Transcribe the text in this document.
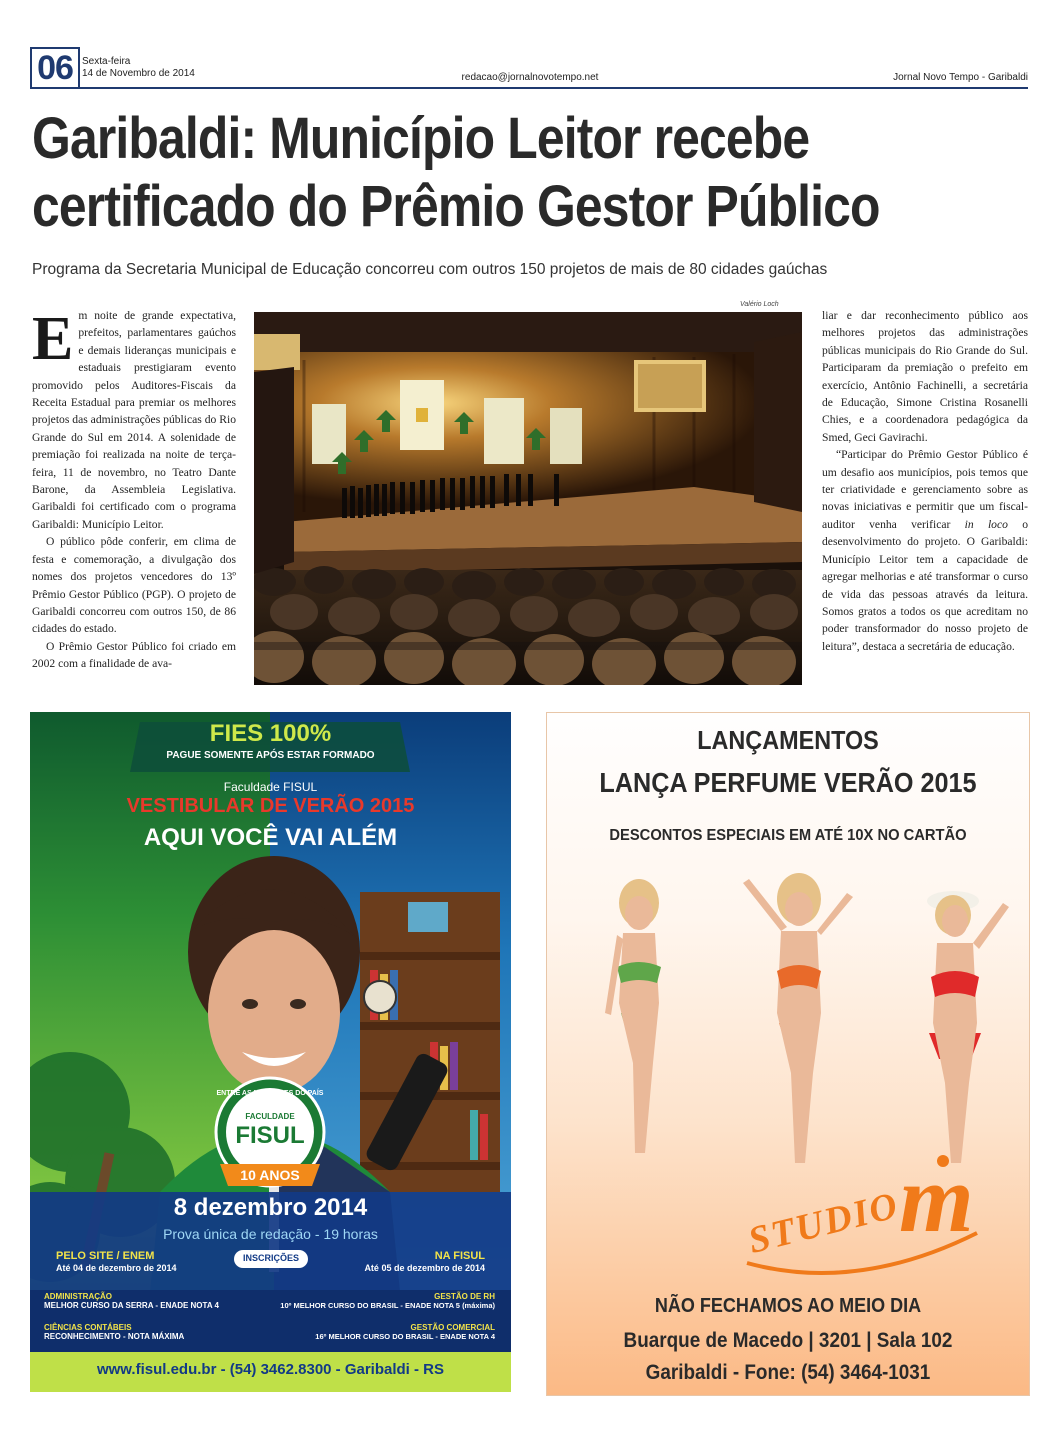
06 Sexta-feira
14 de Novembro de 2014	redacao@jornalnovotempo.net	Jornal Novo Tempo - Garibaldi
Garibaldi: Município Leitor recebe
certificado do Prêmio Gestor Público
Programa da Secretaria Municipal de Educação concorreu com outros 150 projetos de mais de 80 cidades gaúchas

Em noite de grande expectativa, prefeitos, parlamentares gaúchos e demais lideranças municipais e estaduais prestigiaram evento promovido pelos Auditores-Fiscais da Receita Estadual para premiar os melhores projetos das administrações públicas do Rio Grande do Sul em 2014. A solenidade de premiação foi realizada na noite de terça-feira, 11 de novembro, no Teatro Dante Barone, da Assembleia Legislativa. Garibaldi foi certificado com o programa Garibaldi: Município Leitor.

O público pôde conferir, em clima de festa e comemoração, a divulgação dos nomes dos projetos vencedores do 13º Prêmio Gestor Público (PGP). O projeto de Garibaldi concorreu com outros 150, de 86 cidades do estado.

O Prêmio Gestor Público foi criado em 2002 com a finalidade de ava-

Valério Loch

liar e dar reconhecimento público aos melhores projetos das administrações públicas municipais do Rio Grande do Sul. Participaram da premiação o prefeito em exercício, Antônio Fachinelli, a secretária de Educação, Simone Cristina Rosanelli Chies, e a coordenadora pedagógica da Smed, Geci Gavirachi.

“Participar do Prêmio Gestor Público é um desafio aos municípios, pois temos que ter criatividade e gerenciamento sobre as novas iniciativas e permitir que um fiscal-auditor venha verificar in loco o desenvolvimento do projeto. O Garibaldi: Município Leitor tem a capacidade de agregar melhorias e até transformar o curso de vida das pessoas através da leitura. Somos gratos a todos os que acreditam no poder transformador do nosso projeto de leitura”, destaca a secretária de educação.

FIES 100%
PAGUE SOMENTE APÓS ESTAR FORMADO
Faculdade FISUL
VESTIBULAR DE VERÃO 2015
AQUI VOCÊ VAI ALÉM
ENTRE AS MELHORES DO PAÍS
FACULDADE
FISUL
10 ANOS
8 dezembro 2014
Prova única de redação - 19 horas
PELO SITE / ENEM
Até 04 de dezembro de 2014
INSCRIÇÕES	NA FISUL
Até 05 de dezembro de 2014
ADMINISTRAÇÃO
MELHOR CURSO DA SERRA - ENADE NOTA 4
GESTÃO DE RH
10º MELHOR CURSO DO BRASIL - ENADE NOTA 5 (máxima)
CIÊNCIAS CONTÁBEIS
RECONHECIMENTO - NOTA MÁXIMA
GESTÃO COMERCIAL
16º MELHOR CURSO DO BRASIL - ENADE NOTA 4
www.fisul.edu.br - (54) 3462.8300 - Garibaldi - RS
LANÇAMENTOS
LANÇA PERFUME VERÃO 2015
DESCONTOS ESPECIAIS EM ATÉ 10X NO CARTÃO
STUDIO
m
NÃO FECHAMOS AO MEIO DIA
Buarque de Macedo | 3201 | Sala 102
Garibaldi - Fone: (54) 3464-1031
